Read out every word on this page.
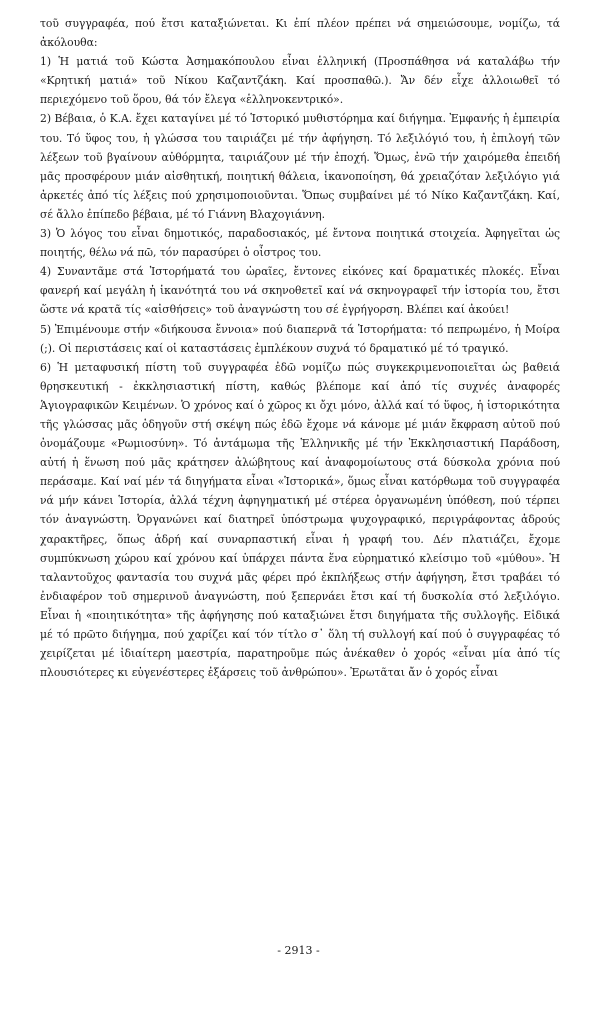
τοῦ συγγραφέα, πού ἔτσι καταξιώνεται. Κι ἐπί πλέον πρέπει νά σημειώσουμε, νομίζω, τά ἀκόλουθα:

1) Ἡ ματιά τοῦ Κώστα Ἀσημακόπουλου εἶναι ἑλληνική (Προσπάθησα νά καταλάβω τήν «Κρητική ματιά» τοῦ Νίκου Καζαντζάκη. Καί προσπαθῶ.). Ἄν δέν εἶχε ἀλλοιωθεῖ τό περιεχόμενο τοῦ ὅρου, θά τόν ἔλεγα «ἑλληνοκεντρικό».

2) Βέβαια, ὁ Κ.Α. ἔχει καταγίνει μέ τό Ἱστορικό μυθιστόρημα καί διήγημα. Ἐμφανής ἡ ἐμπειρία του. Τό ὕφος του, ἡ γλώσσα του ταιριάζει μέ τήν ἀφήγηση. Τό λεξιλόγιό του, ἡ ἐπιλογή τῶν λέξεων τοῦ βγαίνουν αὐθόρμητα, ταιριάζουν μέ τήν ἐποχή. Ὅμως, ἐνῶ τήν χαιρόμεθα ἐπειδή μᾶς προσφέρουν μιάν αἰσθητική, ποιητική θάλεια, ἱκανοποίηση, θά χρειαζόταν λεξιλόγιο γιά ἀρκετές ἀπό τίς λέξεις πού χρησιμοποιοῦνται. Ὅπως συμβαίνει μέ τό Νίκο Καζαντζάκη. Καί, σέ ἄλλο ἐπίπεδο βέβαια, μέ τό Γιάννη Βλαχογιάννη.

3) Ὁ λόγος του εἶναι δημοτικός, παραδοσιακός, μέ ἔντονα ποιητικά στοιχεία. Ἀφηγεῖται ὡς ποιητής, θέλω νά πῶ, τόν παρασύρει ὁ οἶστρος του.

4) Συναντᾶμε στά Ἱστορήματά του ὡραῖες, ἔντονες εἰκόνες καί δραματικές πλοκές. Εἶναι φανερή καί μεγάλη ἡ ἱκανότητά του νά σκηνοθετεῖ καί νά σκηνογραφεῖ τήν ἱστορία του, ἔτσι ὥστε νά κρατᾶ τίς «αἰσθήσεις» τοῦ ἀναγνώστη του σέ ἐγρήγορση. Βλέπει καί ἀκούει!

5) Ἐπιμένουμε στήν «διήκουσα ἔννοια» πού διαπερνᾶ τά Ἱστορήματα: τό πεπρωμένο, ἡ Μοίρα (;). Οἱ περιστάσεις καί οἱ καταστάσεις ἐμπλέκουν συχνά τό δραματικό μέ τό τραγικό.

6) Ἡ μεταφυσική πίστη τοῦ συγγραφέα ἐδῶ νομίζω πώς συγκεκριμενοποιεῖται ὡς βαθειά θρησκευτική - ἐκκλησιαστική πίστη, καθώς βλέπομε καί ἀπό τίς συχνές ἀναφορές Ἁγιογραφικῶν Κειμένων. Ὁ χρόνος καί ὁ χῶρος κι ὄχι μόνο, ἀλλά καί τό ὕφος, ἡ ἱστορικότητα τῆς γλώσσας μᾶς ὁδηγοῦν στή σκέψη πώς ἐδῶ ἔχομε νά κάνομε μέ μιάν ἔκφραση αὐτοῦ πού ὀνομάζουμε «Ρωμιοσύνη». Τό ἀντάμωμα τῆς Ἑλληνικῆς μέ τήν Ἐκκλησιαστική Παράδοση, αὐτή ἡ ἕνωση πού μᾶς κράτησεν ἀλώβητους καί ἀναφομοίωτους στά δύσκολα χρόνια πού περάσαμε. Καί ναί μέν τά διηγήματα εἶναι «Ἱστορικά», ὅμως εἶναι κατόρθωμα τοῦ συγγραφέα νά μήν κάνει Ἱστορία, ἀλλά τέχνη ἀφηγηματική μέ στέρεα ὀργανωμένη ὑπόθεση, πού τέρπει τόν ἀναγνώστη. Ὀργανώνει καί διατηρεῖ ὑπόστρωμα ψυχογραφικό, περιγράφοντας ἁδρούς χαρακτῆρες, ὅπως ἁδρή καί συναρπαστική εἶναι ἡ γραφή του. Δέν πλατιάζει, ἔχομε συμπύκνωση χώρου καί χρόνου καί ὑπάρχει πάντα ἕνα εὑρηματικό κλείσιμο τοῦ «μύθου». Ἡ ταλαντοῦχος φαντασία του συχνά μᾶς φέρει πρό ἐκπλήξεως στήν ἀφήγηση, ἔτσι τραβάει τό ἐνδιαφέρον τοῦ σημερινοῦ ἀναγνώστη, πού ξεπερνάει ἔτσι καί τή δυσκολία στό λεξιλόγιο. Εἶναι ἡ «ποιητικότητα» τῆς ἀφήγησης πού καταξιώνει ἔτσι διηγήματα τῆς συλλογῆς. Εἰδικά μέ τό πρῶτο διήγημα, πού χαρίζει καί τόν τίτλο σ᾽ ὅλη τή συλλογή καί πού ὁ συγγραφέας τό χειρίζεται μέ ἰδιαίτερη μαεστρία, παρατηροῦμε πώς ἀνέκαθεν ὁ χορός «εἶναι μία ἀπό τίς πλουσιότερες κι εὐγενέστερες ἐξάρσεις τοῦ ἀνθρώπου». Ἐρωτᾶται ἄν ὁ χορός εἶναι

- 2913 -
